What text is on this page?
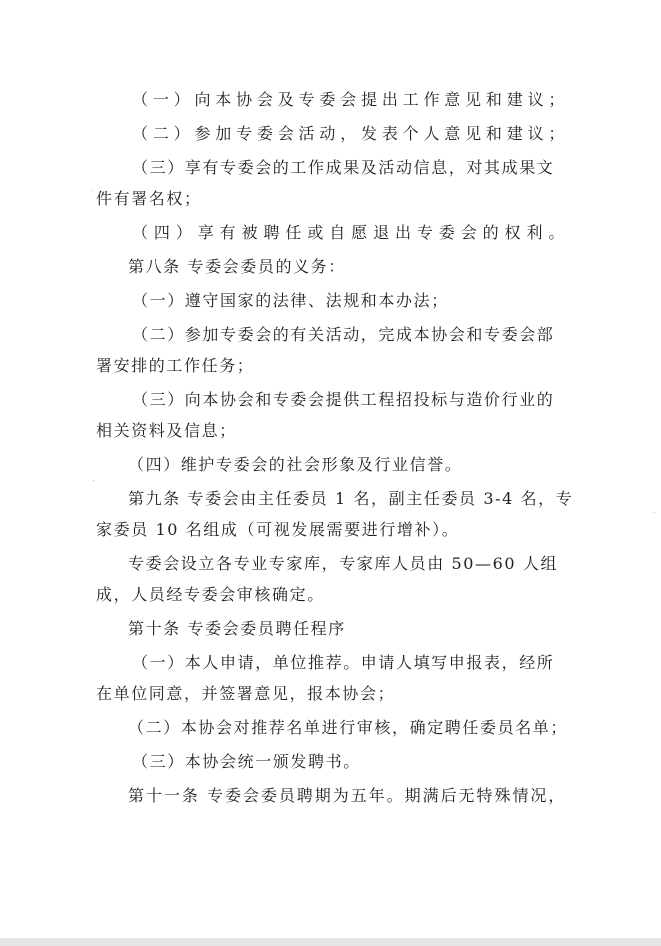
（一）向本协会及专委会提出工作意见和建议；
（二）参加专委会活动，发表个人意见和建议；
（三）享有专委会的工作成果及活动信息，对其成果文
件有署名权；
（四）享有被聘任或自愿退出专委会的权利。
第八条 专委会委员的义务：
（一）遵守国家的法律、法规和本办法；
（二）参加专委会的有关活动，完成本协会和专委会部
署安排的工作任务；
（三）向本协会和专委会提供工程招投标与造价行业的
相关资料及信息；
（四）维护专委会的社会形象及行业信誉。
第九条 专委会由主任委员 1 名，副主任委员 3-4 名，专
家委员 10 名组成（可视发展需要进行增补）。
专委会设立各专业专家库，专家库人员由 50—60 人组
成，人员经专委会审核确定。
第十条 专委会委员聘任程序
（一）本人申请，单位推荐。申请人填写申报表，经所
在单位同意，并签署意见，报本协会；
（二）本协会对推荐名单进行审核，确定聘任委员名单；
（三）本协会统一颁发聘书。
第十一条 专委会委员聘期为五年。期满后无特殊情况，
